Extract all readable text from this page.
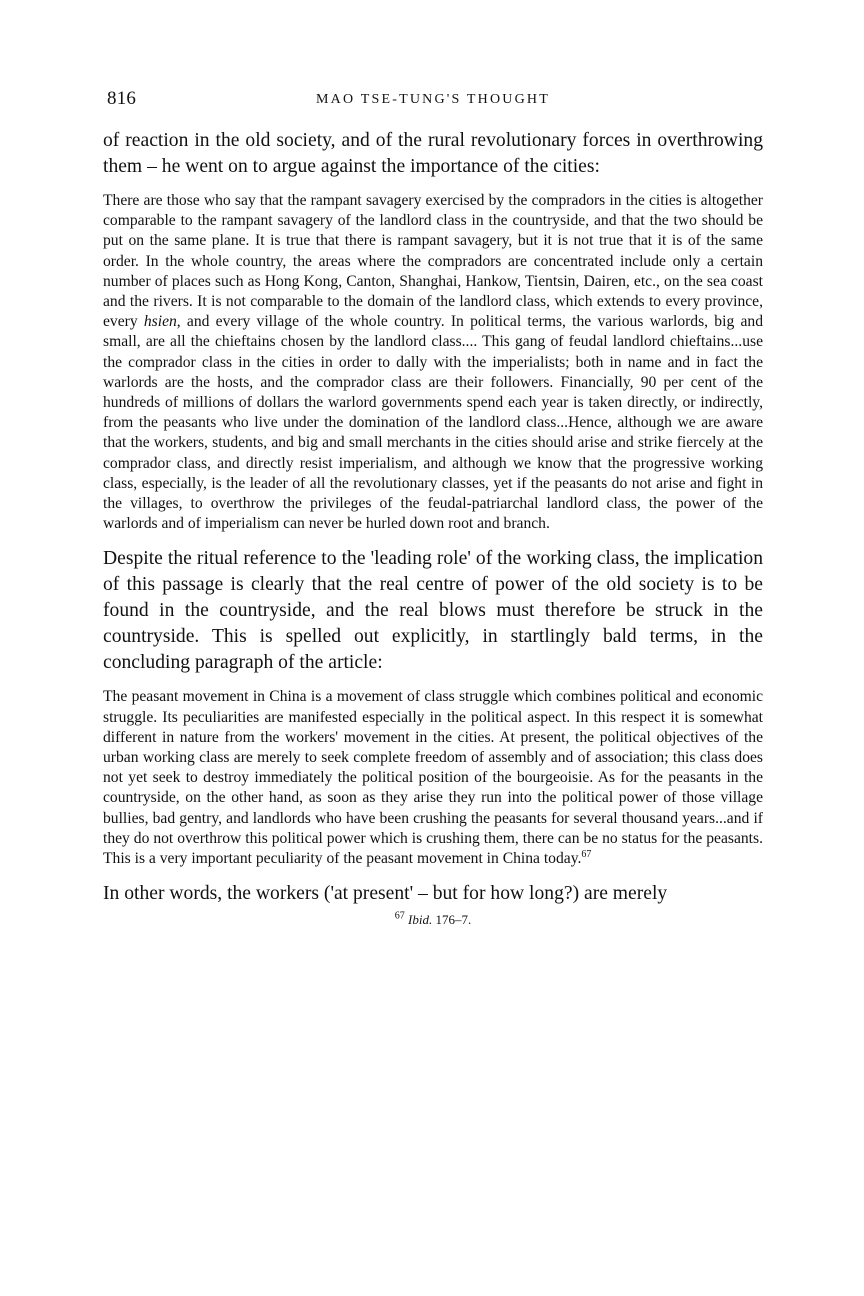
816	MAO TSE-TUNG'S THOUGHT

of reaction in the old society, and of the rural revolutionary forces in overthrowing them – he went on to argue against the importance of the cities:

There are those who say that the rampant savagery exercised by the compradors in the cities is altogether comparable to the rampant savagery of the landlord class in the countryside, and that the two should be put on the same plane. It is true that there is rampant savagery, but it is not true that it is of the same order. In the whole country, the areas where the compradors are concentrated include only a certain number of places such as Hong Kong, Canton, Shanghai, Hankow, Tientsin, Dairen, etc., on the sea coast and the rivers. It is not comparable to the domain of the landlord class, which extends to every province, every hsien, and every village of the whole country. In political terms, the various warlords, big and small, are all the chieftains chosen by the landlord class.... This gang of feudal landlord chieftains...use the comprador class in the cities in order to dally with the imperialists; both in name and in fact the warlords are the hosts, and the comprador class are their followers. Financially, 90 per cent of the hundreds of millions of dollars the warlord governments spend each year is taken directly, or indirectly, from the peasants who live under the domination of the landlord class...Hence, although we are aware that the workers, students, and big and small merchants in the cities should arise and strike fiercely at the comprador class, and directly resist imperialism, and although we know that the progressive working class, especially, is the leader of all the revolutionary classes, yet if the peasants do not arise and fight in the villages, to overthrow the privileges of the feudal-patriarchal landlord class, the power of the warlords and of imperialism can never be hurled down root and branch.

Despite the ritual reference to the 'leading role' of the working class, the implication of this passage is clearly that the real centre of power of the old society is to be found in the countryside, and the real blows must therefore be struck in the countryside. This is spelled out explicitly, in startlingly bald terms, in the concluding paragraph of the article:

The peasant movement in China is a movement of class struggle which combines political and economic struggle. Its peculiarities are manifested especially in the political aspect. In this respect it is somewhat different in nature from the workers' movement in the cities. At present, the political objectives of the urban working class are merely to seek complete freedom of assembly and of association; this class does not yet seek to destroy immediately the political position of the bourgeoisie. As for the peasants in the countryside, on the other hand, as soon as they arise they run into the political power of those village bullies, bad gentry, and landlords who have been crushing the peasants for several thousand years...and if they do not overthrow this political power which is crushing them, there can be no status for the peasants. This is a very important peculiarity of the peasant movement in China today.$^{67}$

In other words, the workers ('at present' – but for how long?) are merely

$^{67}$ Ibid. 176–7.
